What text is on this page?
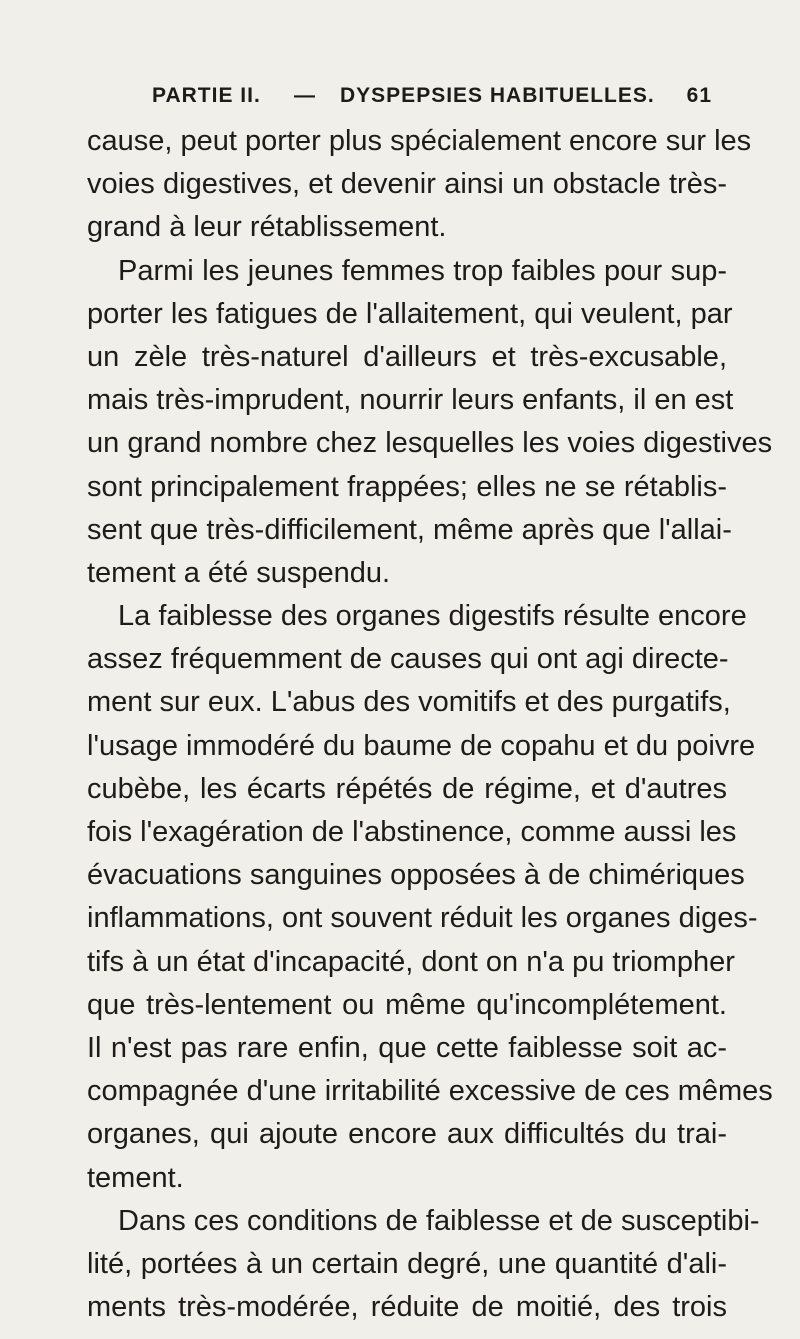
PARTIE II. — DYSPEPSIES HABITUELLES. 61
cause, peut porter plus spécialement encore sur les
voies digestives, et devenir ainsi un obstacle très-
grand à leur rétablissement.
Parmi les jeunes femmes trop faibles pour sup-
porter les fatigues de l'allaitement, qui veulent, par
un zèle très-naturel d'ailleurs et très-excusable,
mais très-imprudent, nourrir leurs enfants, il en est
un grand nombre chez lesquelles les voies digestives
sont principalement frappées; elles ne se rétablis-
sent que très-difficilement, même après que l'allai-
tement a été suspendu.
La faiblesse des organes digestifs résulte encore
assez fréquemment de causes qui ont agi directe-
ment sur eux. L'abus des vomitifs et des purgatifs,
l'usage immodéré du baume de copahu et du poivre
cubèbe, les écarts répétés de régime, et d'autres
fois l'exagération de l'abstinence, comme aussi les
évacuations sanguines opposées à de chimériques
inflammations, ont souvent réduit les organes diges-
tifs à un état d'incapacité, dont on n'a pu triompher
que très-lentement ou même qu'incomplétement.
Il n'est pas rare enfin, que cette faiblesse soit ac-
compagnée d'une irritabilité excessive de ces mêmes
organes, qui ajoute encore aux difficultés du trai-
tement.
Dans ces conditions de faiblesse et de susceptibi-
lité, portées à un certain degré, une quantité d'ali-
ments très-modérée, réduite de moitié, des trois
